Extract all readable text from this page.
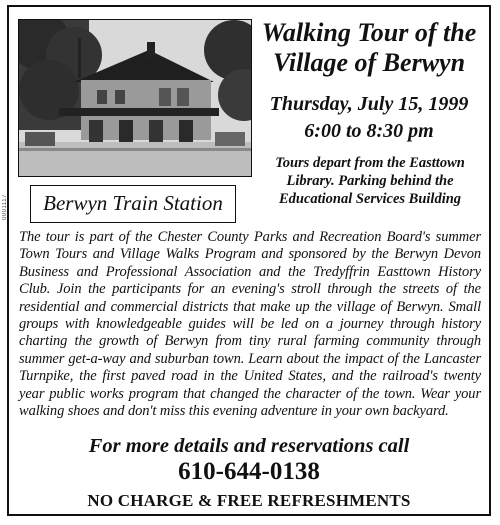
0001117	Berwyn Train Station
Walking Tour of the Village of Berwyn
Thursday, July 15, 1999
6:00 to 8:30 pm
Tours depart from the Easttown Library. Parking behind the Educational Services Building
The tour is part of the Chester County Parks and Recreation Board's summer Town Tours and Village Walks Program and sponsored by the Berwyn Devon Business and Professional Association and the Tredyffrin Easttown History Club. Join the participants for an evening's stroll through the streets of the residential and commercial districts that make up the village of Berwyn. Small groups with knowledgeable guides will be led on a journey through history charting the growth of Berwyn from tiny rural farming community through summer get-a-way and suburban town. Learn about the impact of the Lancaster Turnpike, the first paved road in the United States, and the railroad's twenty year public works program that changed the character of the town. Wear your walking shoes and don't miss this evening adventure in your own backyard.
For more details and reservations call
610-644-0138
NO CHARGE & FREE REFRESHMENTS
